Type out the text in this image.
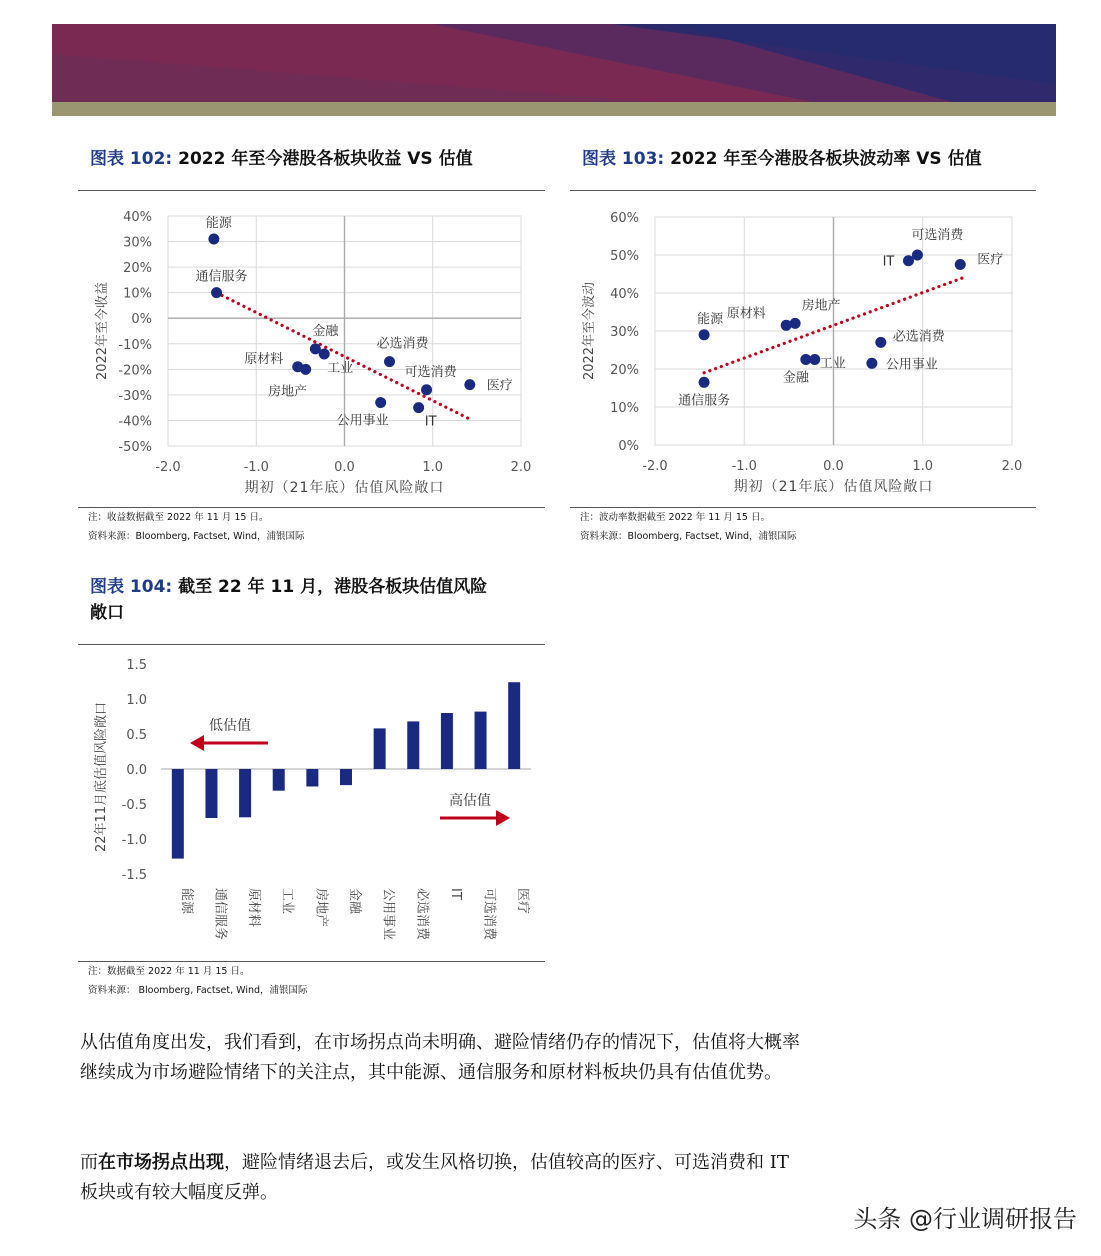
图表 102: 2022 年至今港股各板块收益 VS 估值
-50%
-40%
-30%
-20%
-10%
0%
10%
20%
30%
40%
-2.0	-1.0	0.0	1.0	2.0
期初（21年底）估值风险敞口
2022年至今收益
能源
通信服务
原材料
房地产
金融
工业
公用事业
必选消费
IT
可选消费
医疗
注：收益数据截至 2022 年 11 月 15 日。
资料来源：Bloomberg, Factset, Wind，浦银国际
图表 103: 2022 年至今港股各板块波动率 VS 估值
0%
10%
20%
30%
40%
50%
60%
-2.0	-1.0	0.0	1.0	2.0
期初（21年底）估值风险敞口
2022年至今波动	能源
通信服务
原材料
房地产
金融
工业	公用事业
必选消费
IT
可选消费
医疗
注：波动率数据截至 2022 年 11 月 15 日。
资料来源：Bloomberg, Factset, Wind，浦银国际
图表 104: 截至 22 年 11 月，港股各板块估值风险
敞口
1.5
1.0
0.5
0.0
-0.5
-1.0
-1.5
22年11月底估值风险敞口
能源 通信服务 原材料 工业 房地产 金融 公用事业 必选消费 IT 可选消费 医疗
低估值
高估值
注：数据截至 2022 年 11 月 15 日。
资料来源： Bloomberg, Factset, Wind，浦银国际
从估值角度出发，我们看到，在市场拐点尚未明确、避险情绪仍存的情况下，估值将大概率继续成为市场避险情绪下的关注点，其中能源、通信服务和原材料板块仍具有估值优势。
而在市场拐点出现，避险情绪退去后，或发生风格切换，估值较高的医疗、可选消费和 IT 板块或有较大幅度反弹。
头条 @行业调研报告
